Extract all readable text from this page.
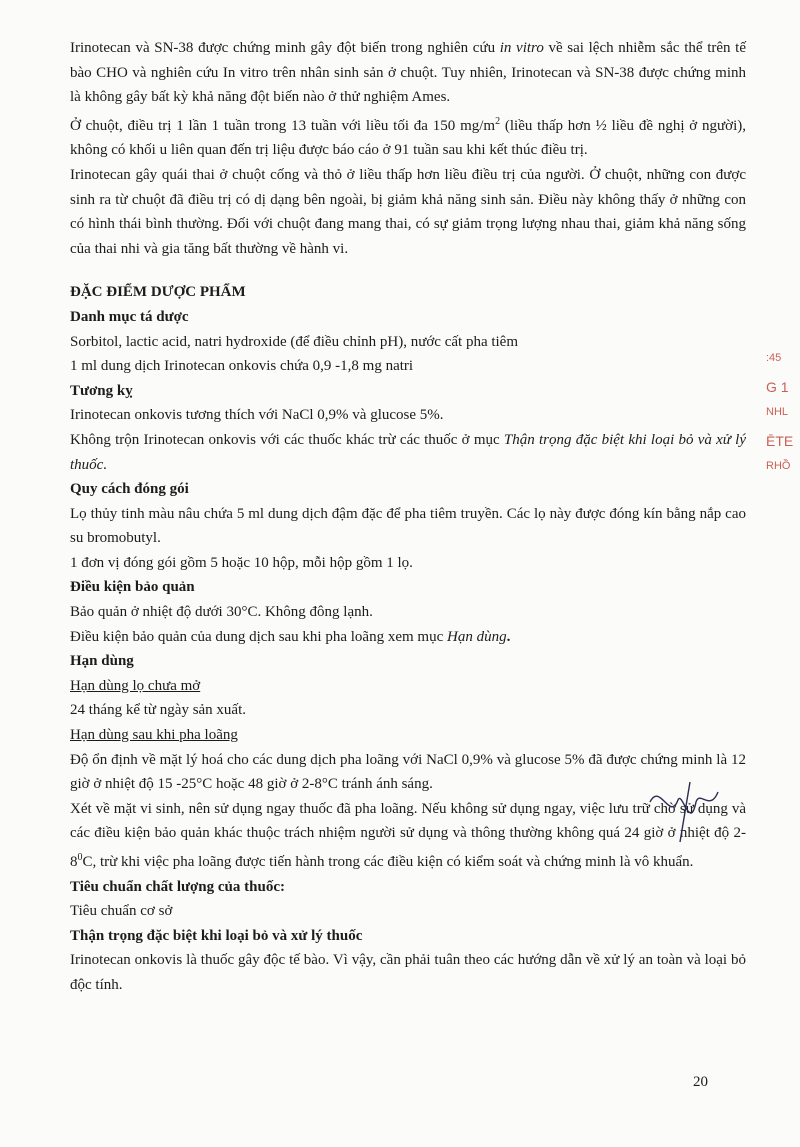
Irinotecan và SN-38 được chứng minh gây đột biến trong nghiên cứu in vitro về sai lệch nhiễm sắc thể trên tế bào CHO và nghiên cứu In vitro trên nhân sinh sản ở chuột. Tuy nhiên, Irinotecan và SN-38 được chứng minh là không gây bất kỳ khả năng đột biến nào ở thử nghiệm Ames.

Ở chuột, điều trị 1 lần 1 tuần trong 13 tuần với liều tối đa 150 $mg/m^2$ (liều thấp hơn ½ liều đề nghị ở người), không có khối u liên quan đến trị liệu được báo cáo ở 91 tuần sau khi kết thúc điều trị.

Irinotecan gây quái thai ở chuột cống và thỏ ở liều thấp hơn liều điều trị của người. Ở chuột, những con được sinh ra từ chuột đã điều trị có dị dạng bên ngoài, bị giảm khả năng sinh sản. Điều này không thấy ở những con có hình thái bình thường. Đối với chuột đang mang thai, có sự giảm trọng lượng nhau thai, giảm khả năng sống của thai nhi và gia tăng bất thường về hành vi.

ĐẶC ĐIỂM DƯỢC PHẨM
Danh mục tá dược

Sorbitol, lactic acid, natri hydroxide (để điều chỉnh pH), nước cất pha tiêm

1 ml dung dịch Irinotecan onkovis chứa 0,9 -1,8 mg natri

Tương kỵ

Irinotecan onkovis tương thích với NaCl 0,9% và glucose 5%.

Không trộn Irinotecan onkovis với các thuốc khác trừ các thuốc ở mục Thận trọng đặc biệt khi loại bỏ và xử lý thuốc.

Quy cách đóng gói

Lọ thủy tinh màu nâu chứa 5 ml dung dịch đậm đặc để pha tiêm truyền. Các lọ này được đóng kín bằng nắp cao su bromobutyl.

1 đơn vị đóng gói gồm 5 hoặc 10 hộp, mỗi hộp gồm 1 lọ.

Điều kiện bảo quản

Bảo quản ở nhiệt độ dưới 30°C. Không đông lạnh.

Điều kiện bảo quản của dung dịch sau khi pha loãng xem mục Hạn dùng.

Hạn dùng

Hạn dùng lọ chưa mở

24 tháng kể từ ngày sản xuất.

Hạn dùng sau khi pha loãng

Độ ổn định về mặt lý hoá cho các dung dịch pha loãng với NaCl 0,9% và glucose 5% đã được chứng minh là 12 giờ ở nhiệt độ 15 -25°C hoặc 48 giờ ở 2-8°C tránh ánh sáng.

Xét về mặt vi sinh, nên sử dụng ngay thuốc đã pha loãng. Nếu không sử dụng ngay, việc lưu trữ chờ sử dụng và các điều kiện bảo quản khác thuộc trách nhiệm người sử dụng và thông thường không quá 24 giờ ở nhiệt độ $2-8^0C$, trừ khi việc pha loãng được tiến hành trong các điều kiện có kiểm soát và chứng minh là vô khuẩn.

Tiêu chuẩn chất lượng của thuốc:

Tiêu chuẩn cơ sở

Thận trọng đặc biệt khi loại bỏ và xử lý thuốc

Irinotecan onkovis là thuốc gây độc tế bào. Vì vậy, cần phải tuân theo các hướng dẫn về xử lý an toàn và loại bỏ độc tính.

:45
G 1
NHL
ĒTE
RHỒ
20
